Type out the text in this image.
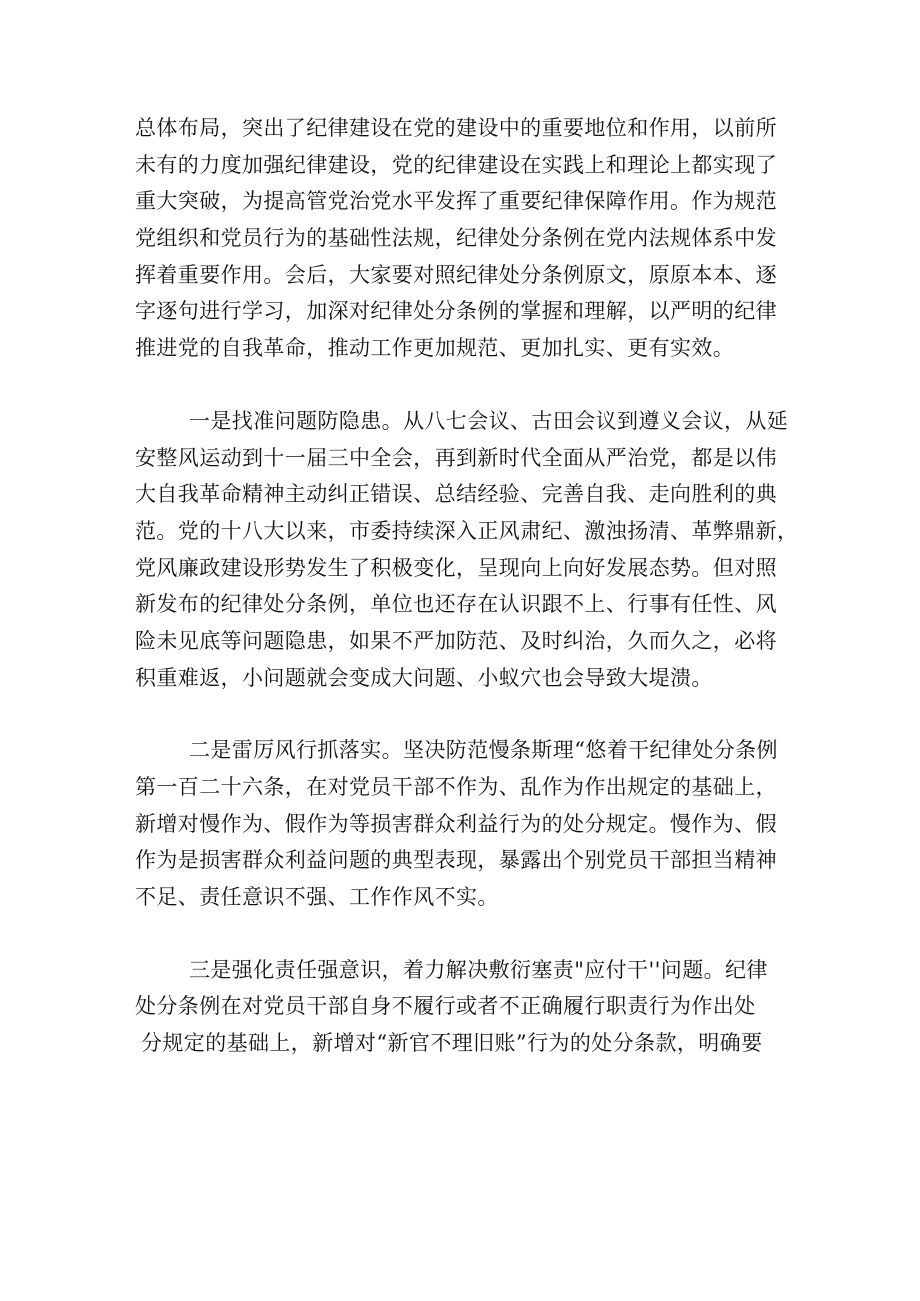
总体布局，突出了纪律建设在党的建设中的重要地位和作用，以前所
未有的力度加强纪律建设，党的纪律建设在实践上和理论上都实现了
重大突破，为提高管党治党水平发挥了重要纪律保障作用。作为规范
党组织和党员行为的基础性法规，纪律处分条例在党内法规体系中发
挥着重要作用。会后，大家要对照纪律处分条例原文，原原本本、逐
字逐句进行学习，加深对纪律处分条例的掌握和理解，以严明的纪律
推进党的自我革命，推动工作更加规范、更加扎实、更有实效。
一是找准问题防隐患。从八七会议、古田会议到遵义会议，从延
安整风运动到十一届三中全会，再到新时代全面从严治党，都是以伟
大自我革命精神主动纠正错误、总结经验、完善自我、走向胜利的典
范。党的十八大以来，市委持续深入正风肃纪、激浊扬清、革弊鼎新，
党风廉政建设形势发生了积极变化，呈现向上向好发展态势。但对照
新发布的纪律处分条例，单位也还存在认识跟不上、行事有任性、风
险未见底等问题隐患，如果不严加防范、及时纠治，久而久之，必将
积重难返，小问题就会变成大问题、小蚁穴也会导致大堤溃。
二是雷厉风行抓落实。坚决防范慢条斯理“悠着干纪律处分条例
第一百二十六条，在对党员干部不作为、乱作为作出规定的基础上，
新增对慢作为、假作为等损害群众利益行为的处分规定。慢作为、假
作为是损害群众利益问题的典型表现，暴露出个别党员干部担当精神
不足、责任意识不强、工作作风不实。
三是强化责任强意识，着力解决敷衍塞责"应付干''问题。纪律
处分条例在对党员干部自身不履行或者不正确履行职责行为作出处
分规定的基础上，新增对“新官不理旧账”行为的处分条款，明确要
